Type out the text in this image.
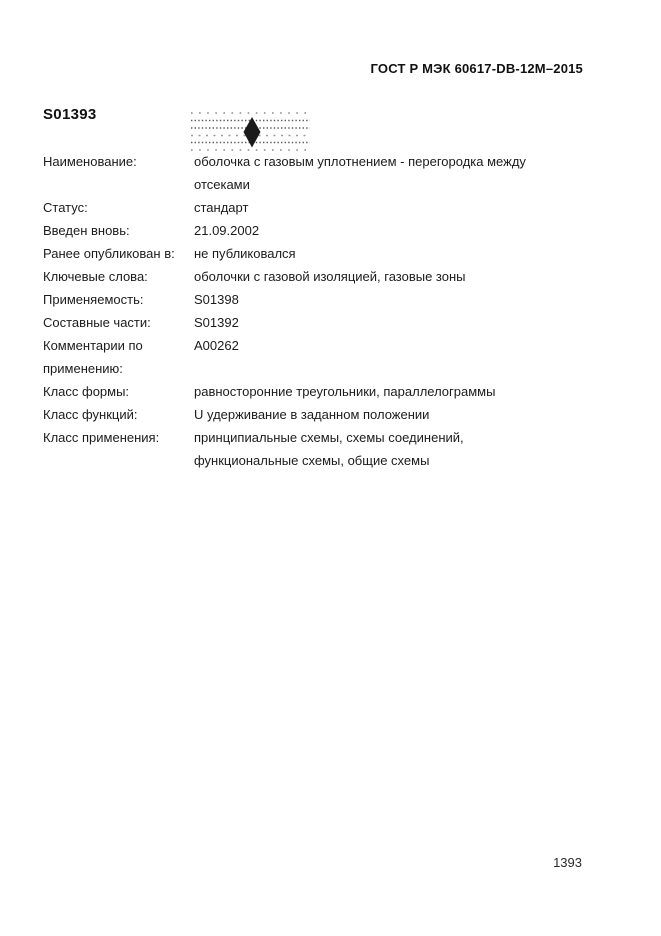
ГОСТ Р МЭК 60617-DB-12M–2015
S01393
Наименование:	оболочка с газовым уплотнением - перегородка между отсеками
Статус:	стандарт
Введен вновь:	21.09.2002
Ранее опубликован в:	не публиковался
Ключевые слова:	оболочки с газовой изоляцией, газовые зоны
Применяемость:	S01398
Составные части:	S01392
Комментарии по применению:
A00262
Класс формы:	равносторонние треугольники, параллелограммы
Класс функций:	U удерживание в заданном положении
Класс применения:	принципиальные схемы, схемы соединений, функциональные схемы, общие схемы
1393
